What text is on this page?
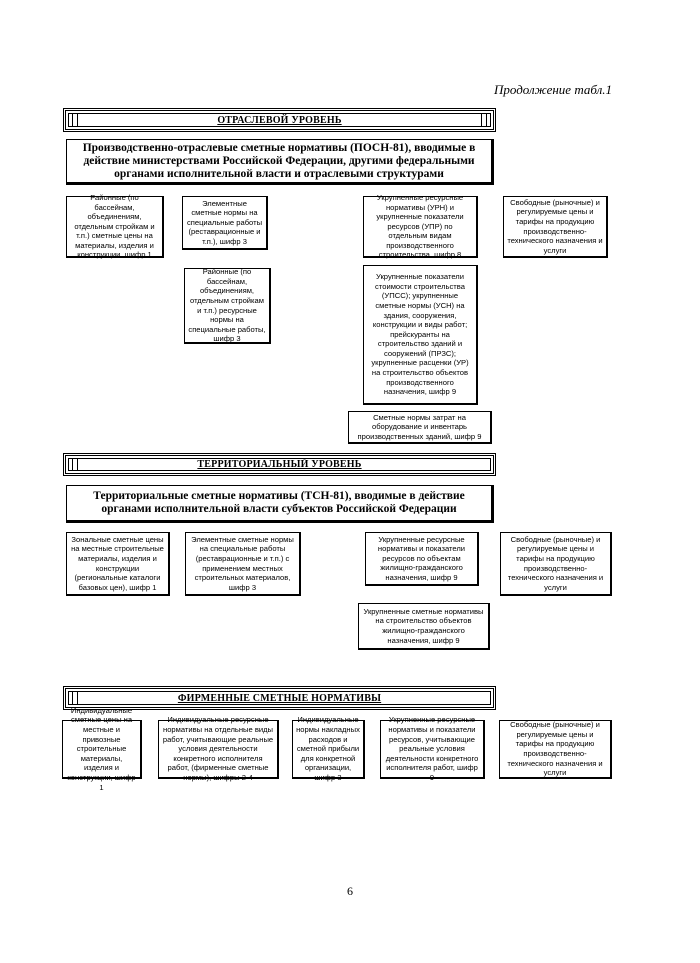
Продолжение табл.1
ОТРАСЛЕВОЙ УРОВЕНЬ
Производственно-отраслевые сметные нормативы (ПОСН-81), вводимые в действие министерствами Российской Федерации, другими федеральными органами исполнительной власти и отраслевыми структурами
Районные (по бассейнам, объединениям, отдельным стройкам и т.п.) сметные цены на материалы, изделия и конструкции, шифр 1
Элементные сметные нормы на специальные работы (реставрационные и т.п.), шифр 3
Укрупненные ресурсные нормативы (УРН) и укрупненные показатели ресурсов (УПР) по отдельным видам производственного строительства, шифр 8
Свободные (рыночные) и регулируемые цены и тарифы на продукцию производственно-технического назначения и услуги
Районные (по бассейнам, объединениям, отдельным стройкам и т.п.) ресурсные нормы на специальные работы, шифр 3
Укрупненные показатели стоимости строительства (УПСС); укрупненные сметные нормы (УСН) на здания, сооружения, конструкции и виды работ; прейскуранты на строительство зданий и сооружений (ПРЗС); укрупненные расценки (УР) на строительство объектов производственного назначения, шифр 9
Сметные нормы затрат на оборудование и инвентарь производственных зданий, шифр 9
ТЕРРИТОРИАЛЬНЫЙ УРОВЕНЬ
Территориальные сметные нормативы (ТСН-81), вводимые в действие органами исполнительной власти субъектов Российской Федерации
Зональные сметные цены на местные строительные материалы, изделия и конструкции (региональные каталоги базовых цен), шифр 1
Элементные сметные нормы на специальные работы (реставрационные и т.п.) с применением местных строительных материалов, шифр 3
Укрупненные ресурсные нормативы и показатели ресурсов по объектам жилищно-гражданского назначения, шифр 9
Свободные (рыночные) и регулируемые цены и тарифы на продукцию производственно-технического назначения и услуги
Укрупненные сметные нормативы на строительство объектов жилищно-гражданского назначения, шифр 9
ФИРМЕННЫЕ СМЕТНЫЕ НОРМАТИВЫ
Индивидуальные сметные цены на местные и привозные строительные материалы, изделия и конструкции, шифр 1
Индивидуальные ресурсные нормативы на отдельные виды работ, учитывающие реальные условия деятельности конкретного исполнителя работ, (фирменные сметные нормы), шифры 2-4
Индивидуальные нормы накладных расходов и сметной прибыли для конкретной организации, шифр 3
Укрупненные ресурсные нормативы и показатели ресурсов, учитывающие реальные условия деятельности конкретного исполнителя работ, шифр 9
Свободные (рыночные) и регулируемые цены и тарифы на продукцию производственно-технического назначения и услуги
6
